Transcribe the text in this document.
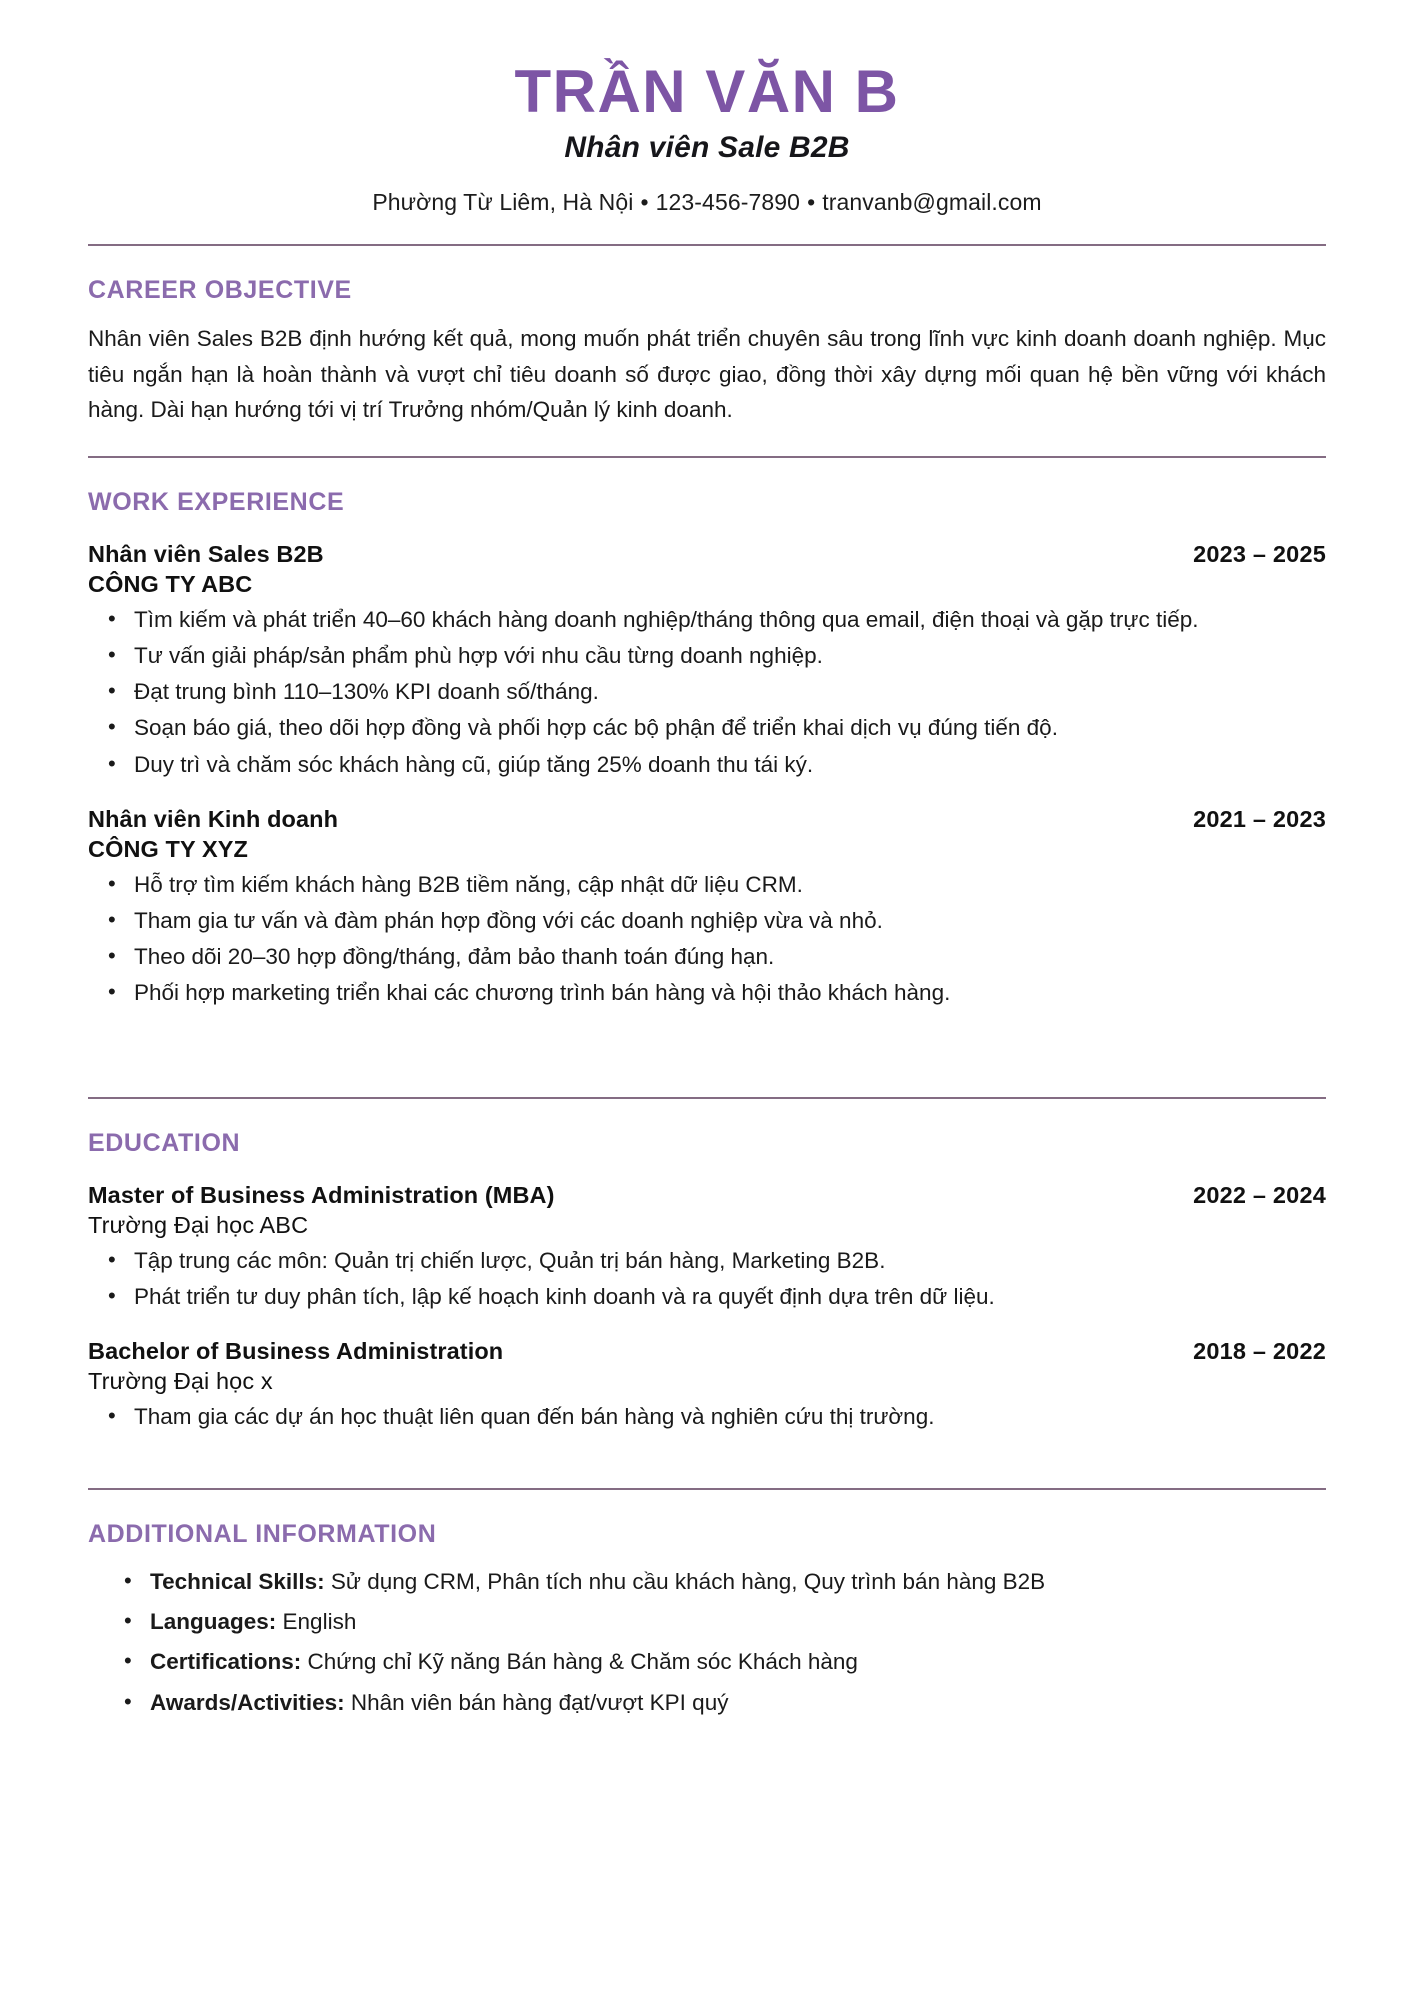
TRẦN VĂN B
Nhân viên Sale B2B
Phường Từ Liêm, Hà Nội • 123-456-7890 • tranvanb@gmail.com
CAREER OBJECTIVE

Nhân viên Sales B2B định hướng kết quả, mong muốn phát triển chuyên sâu trong lĩnh vực kinh doanh doanh nghiệp. Mục tiêu ngắn hạn là hoàn thành và vượt chỉ tiêu doanh số được giao, đồng thời xây dựng mối quan hệ bền vững với khách hàng. Dài hạn hướng tới vị trí Trưởng nhóm/Quản lý kinh doanh.

WORK EXPERIENCE
Nhân viên Sales B2B	2023 – 2025
CÔNG TY ABC
• Tìm kiếm và phát triển 40–60 khách hàng doanh nghiệp/tháng thông qua email, điện thoại và gặp trực tiếp.
• Tư vấn giải pháp/sản phẩm phù hợp với nhu cầu từng doanh nghiệp.
• Đạt trung bình 110–130% KPI doanh số/tháng.
• Soạn báo giá, theo dõi hợp đồng và phối hợp các bộ phận để triển khai dịch vụ đúng tiến độ.
• Duy trì và chăm sóc khách hàng cũ, giúp tăng 25% doanh thu tái ký.
Nhân viên Kinh doanh	2021 – 2023
CÔNG TY XYZ
• Hỗ trợ tìm kiếm khách hàng B2B tiềm năng, cập nhật dữ liệu CRM.
• Tham gia tư vấn và đàm phán hợp đồng với các doanh nghiệp vừa và nhỏ.
• Theo dõi 20–30 hợp đồng/tháng, đảm bảo thanh toán đúng hạn.
• Phối hợp marketing triển khai các chương trình bán hàng và hội thảo khách hàng.
EDUCATION
Master of Business Administration (MBA)	2022 – 2024
Trường Đại học ABC
• Tập trung các môn: Quản trị chiến lược, Quản trị bán hàng, Marketing B2B.
• Phát triển tư duy phân tích, lập kế hoạch kinh doanh và ra quyết định dựa trên dữ liệu.
Bachelor of Business Administration	2018 – 2022
Trường Đại học x
• Tham gia các dự án học thuật liên quan đến bán hàng và nghiên cứu thị trường.
ADDITIONAL INFORMATION
• Technical Skills: Sử dụng CRM, Phân tích nhu cầu khách hàng, Quy trình bán hàng B2B
• Languages: English
• Certifications: Chứng chỉ Kỹ năng Bán hàng & Chăm sóc Khách hàng
• Awards/Activities: Nhân viên bán hàng đạt/vượt KPI quý
